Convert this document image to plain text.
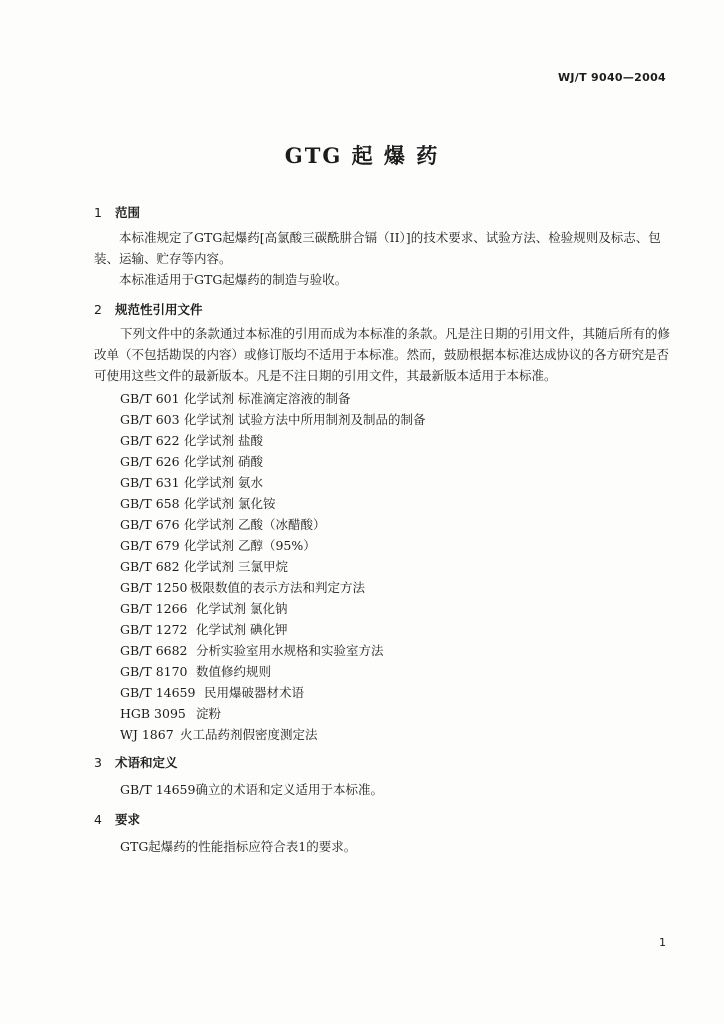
WJ/T 9040—2004
GTG 起 爆 药
1 范围
本标准规定了GTG起爆药[高氯酸三碳酰肼合镉（II）]的技术要求、试验方法、检验规则及标志、包装、运输、贮存等内容。
本标准适用于GTG起爆药的制造与验收。
2 规范性引用文件
下列文件中的条款通过本标准的引用而成为本标准的条款。凡是注日期的引用文件，其随后所有的修改单（不包括勘误的内容）或修订版均不适用于本标准。然而，鼓励根据本标准达成协议的各方研究是否可使用这些文件的最新版本。凡是不注日期的引用文件，其最新版本适用于本标准。
GB/T 601 化学试剂 标准滴定溶液的制备
GB/T 603 化学试剂 试验方法中所用制剂及制品的制备
GB/T 622 化学试剂 盐酸
GB/T 626 化学试剂 硝酸
GB/T 631 化学试剂 氨水
GB/T 658 化学试剂 氯化铵
GB/T 676 化学试剂 乙酸（冰醋酸）
GB/T 679 化学试剂 乙醇（95%）
GB/T 682 化学试剂 三氯甲烷
GB/T 1250 极限数值的表示方法和判定方法
GB/T 1266 化学试剂 氯化钠
GB/T 1272 化学试剂 碘化钾
GB/T 6682 分析实验室用水规格和实验室方法
GB/T 8170 数值修约规则
GB/T 14659 民用爆破器材术语
HGB 3095 淀粉
WJ 1867 火工品药剂假密度测定法
3 术语和定义
GB/T 14659确立的术语和定义适用于本标准。
4 要求
GTG起爆药的性能指标应符合表1的要求。
1
